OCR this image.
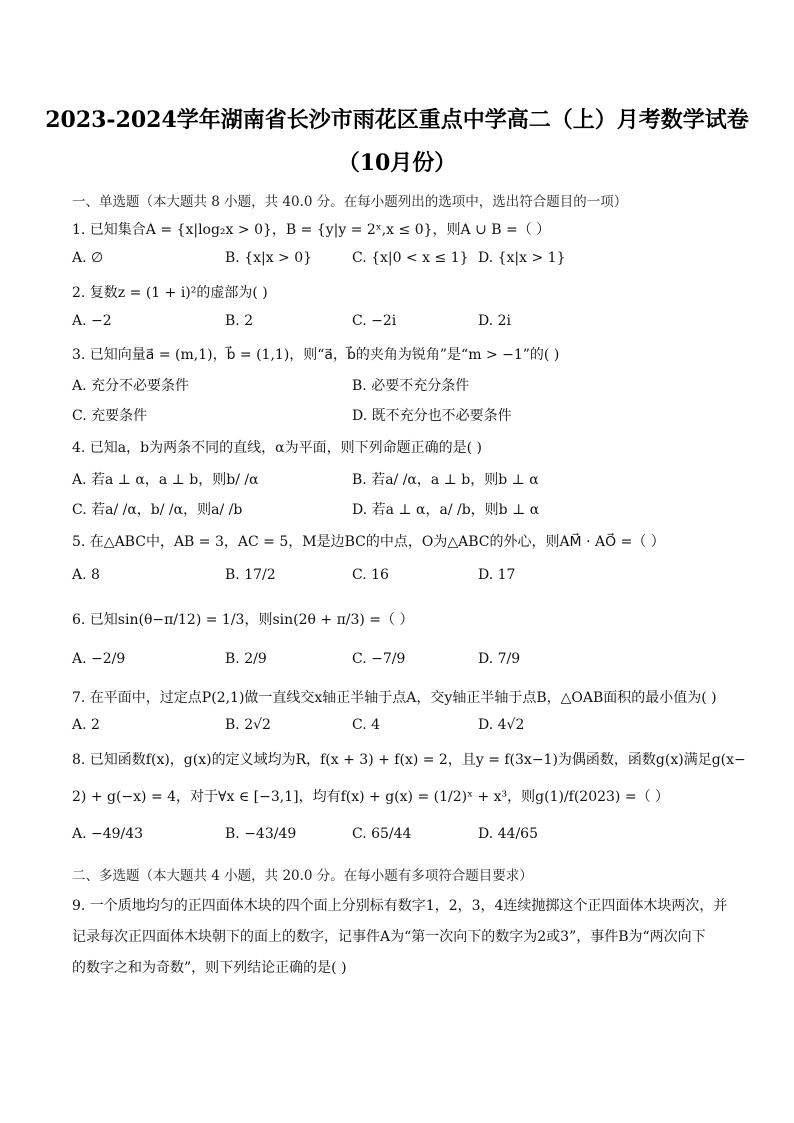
2023-2024学年湖南省长沙市雨花区重点中学高二（上）月考数学试卷
（10月份）
一、单选题（本大题共 8 小题，共 40.0 分。在每小题列出的选项中，选出符合题目的一项）
1. 已知集合A = {x|log₂x > 0}，B = {y|y = 2ˣ,x ≤ 0}，则A ∪ B =（ ）
A. ∅	B. {x|x > 0}	C. {x|0 < x ≤ 1} D. {x|x > 1}
2. 复数z = (1 + i)²的虚部为( )
A. −2	B. 2	C. −2i	D. 2i
3. 已知向量a⃗ = (m,1)，b⃗ = (1,1)，则“a⃗，b⃗的夹角为锐角”是“m > −1”的( )
A. 充分不必要条件	B. 必要不充分条件
C. 充要条件	D. 既不充分也不必要条件
4. 已知a，b为两条不同的直线，α为平面，则下列命题正确的是( )
A. 若a ⊥ α，a ⊥ b，则b/ /α	B. 若a/ /α，a ⊥ b，则b ⊥ α
C. 若a/ /α，b/ /α，则a/ /b	D. 若a ⊥ α，a/ /b，则b ⊥ α
5. 在△ABC中，AB = 3，AC = 5，M是边BC的中点，O为△ABC的外心，则AM⃗ · AO⃗ =（ ）
A. 8	B. 17/2	C. 16	D. 17
6. 已知sin(θ−π/12) = 1/3，则sin(2θ + π/3) =（ ）
A. −2/9	B. 2/9	C. −7/9	D. 7/9
7. 在平面中，过定点P(2,1)做一直线交x轴正半轴于点A，交y轴正半轴于点B，△OAB面积的最小值为( )
A. 2	B. 2√2	C. 4	D. 4√2
8. 已知函数f(x)，g(x)的定义域均为R，f(x + 3) + f(x) = 2，且y = f(3x−1)为偶函数，函数g(x)满足g(x−
2) + g(−x) = 4，对于∀x ∈ [−3,1]，均有f(x) + g(x) = (1/2)ˣ + x³，则g(1)/f(2023) =（ ）
A. −49/43	B. −43/49	C. 65/44	D. 44/65
二、多选题（本大题共 4 小题，共 20.0 分。在每小题有多项符合题目要求）
9. 一个质地均匀的正四面体木块的四个面上分别标有数字1，2，3，4连续抛掷这个正四面体木块两次，并
记录每次正四面体木块朝下的面上的数字，记事件A为“第一次向下的数字为2或3”，事件B为“两次向下
的数字之和为奇数”，则下列结论正确的是( )
